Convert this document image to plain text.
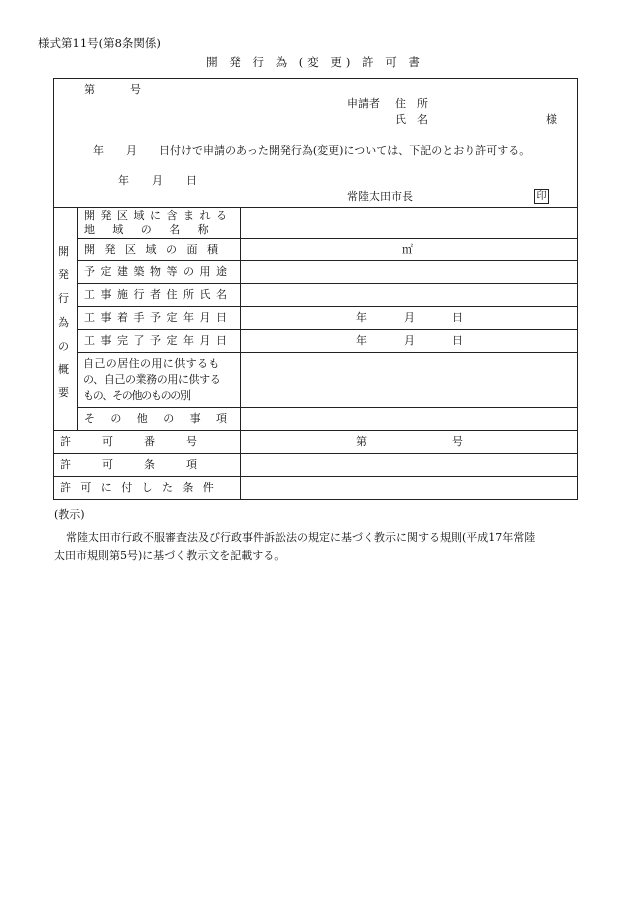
様式第11号(第8条関係)
開 発 行 為 (変 更) 許 可 書
第	号
申請者 住　所
氏　名	様
年　　月　　日付けで申請のあった開発行為(変更)については、下記のとおり許可する。
年 月 日
常陸太田市長	印
開
発
行
為
の
概
要
開発区域に含まれる
地　域　の　名　称
開発区域の面積	㎡
予定建築物等の用途
工事施行者住所氏名
工事着手予定年月日	年	月	日
工事完了予定年月日	年	月	日
自己の居住の用に供するも
の、自己の業務の用に供する
も の 、 そ の 他 の も の の 別
そ　の　他　の　事　項
許　可　番　号	第	号
許　可　条　項
許可に付した条件
(教示)
常陸太田市行政不服審査法及び行政事件訴訟法の規定に基づく教示に関する規則(平成17年常陸
太田市規則第5号)に基づく教示文を記載する。
